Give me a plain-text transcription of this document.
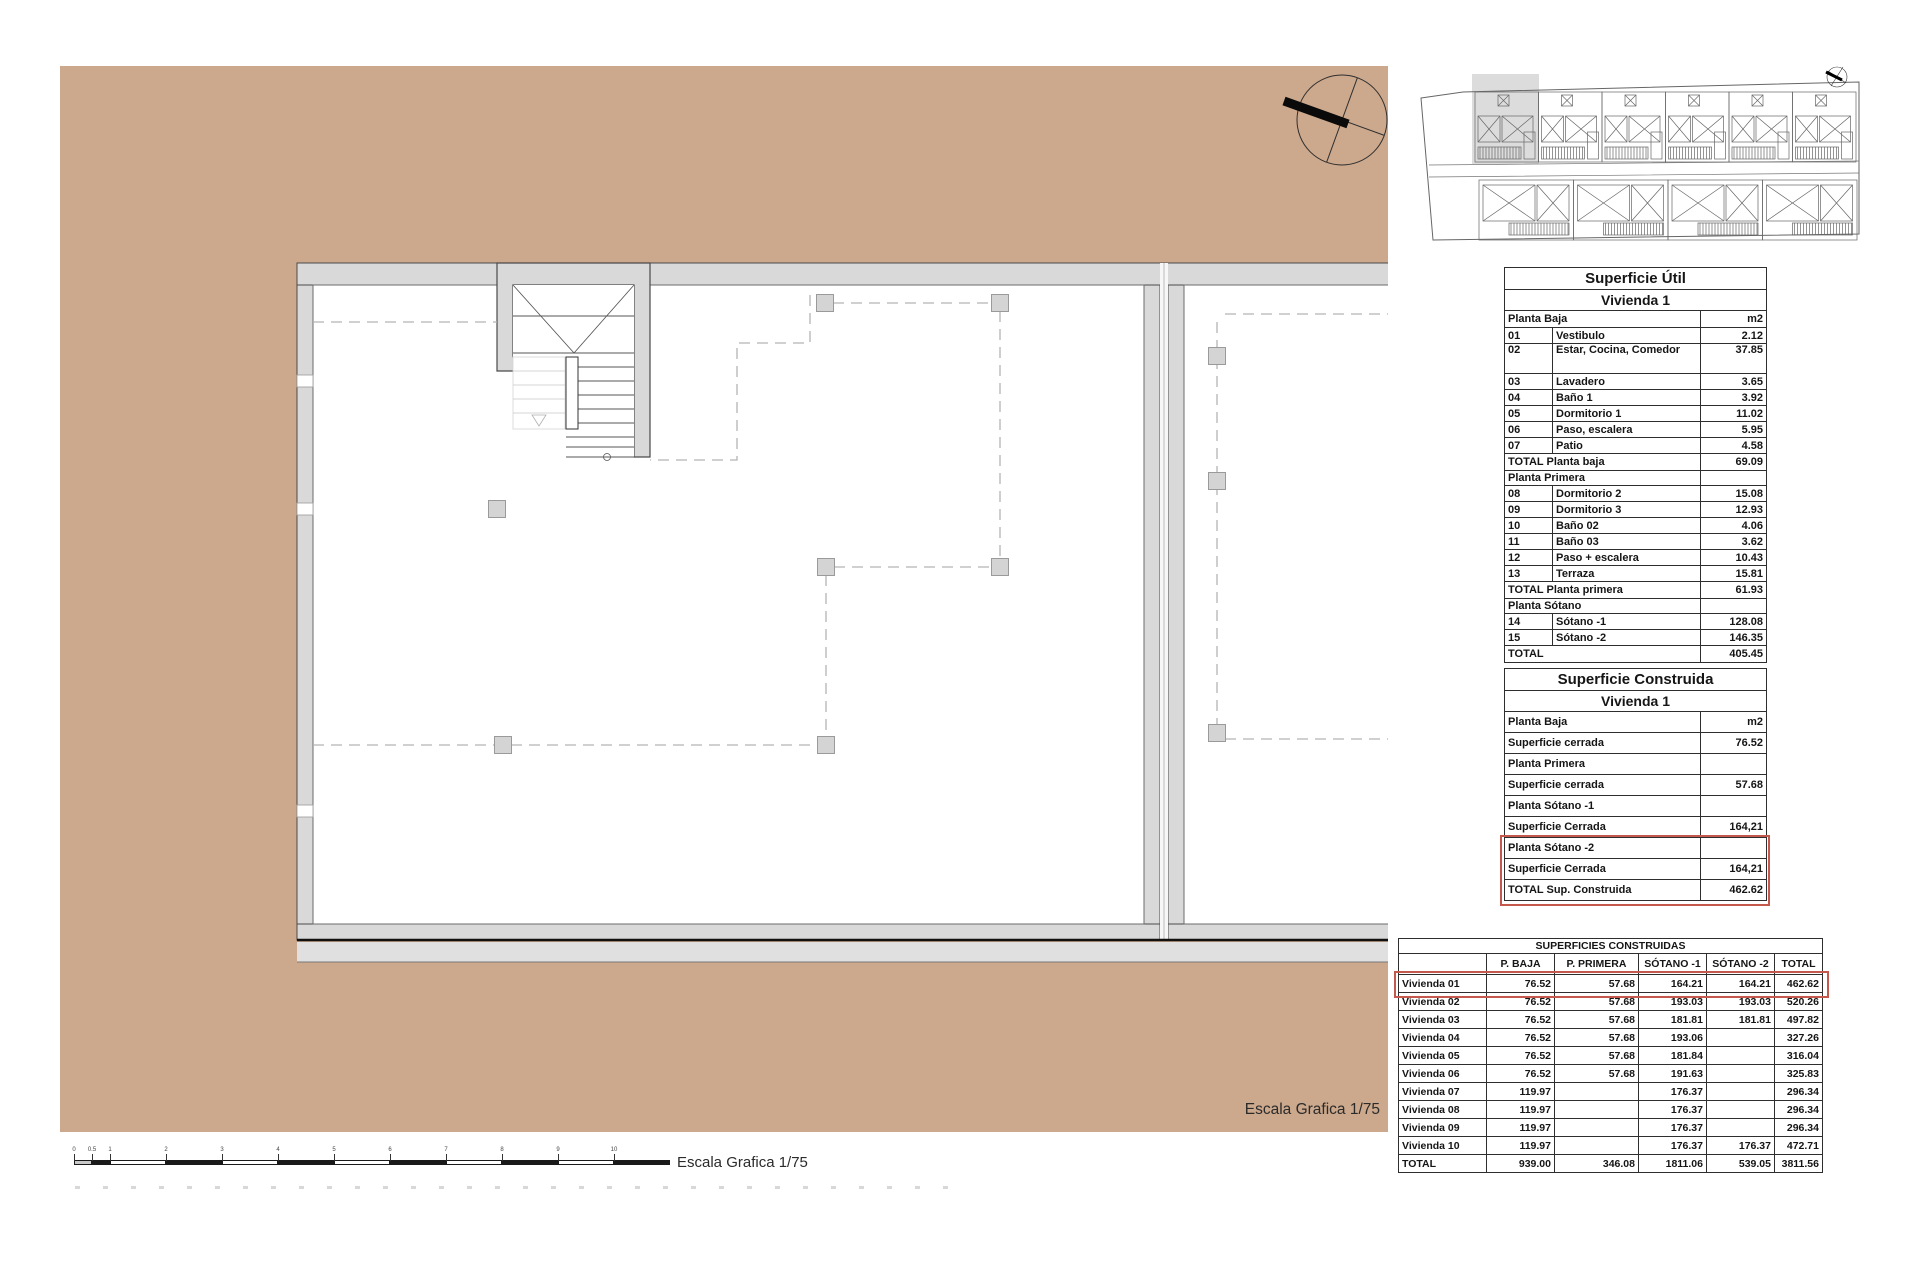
Escala Grafica 1/75
Superficie Útil		
Vivienda 1		
Planta Baja		m2
01	Vestibulo	2.12
02	Estar, Cocina, Comedor	37.85
03	Lavadero	3.65
04	Baño 1	3.92
05	Dormitorio 1	11.02
06	Paso, escalera	5.95
07	Patio	4.58
TOTAL Planta baja		69.09
Planta Primera		
08	Dormitorio 2	15.08
09	Dormitorio 3	12.93
10	Baño 02	4.06
11	Baño 03	3.62
12	Paso + escalera	10.43
13	Terraza	15.81
TOTAL Planta primera		61.93
Planta Sótano		
14	Sótano -1	128.08
15	Sótano -2	146.35
TOTAL		405.45
Superficie Construida	
Vivienda 1	
Planta Baja	m2
Superficie cerrada	76.52
Planta Primera	
Superficie cerrada	57.68
Planta Sótano -1	
Superficie Cerrada	164,21
Planta Sótano -2	
Superficie Cerrada	164,21
TOTAL Sup. Construida	462.62
SUPERFICIES CONSTRUIDAS					
	P. BAJA	P. PRIMERA	SÓTANO -1	SÓTANO -2	TOTAL
Vivienda 01	76.52	57.68	164.21	164.21	462.62
Vivienda 02	76.52	57.68	193.03	193.03	520.26
Vivienda 03	76.52	57.68	181.81	181.81	497.82
Vivienda 04	76.52	57.68	193.06		327.26
Vivienda 05	76.52	57.68	181.84		316.04
Vivienda 06	76.52	57.68	191.63		325.83
Vivienda 07	119.97		176.37		296.34
Vivienda 08	119.97		176.37		296.34
Vivienda 09	119.97		176.37		296.34
Vivienda 10	119.97		176.37	176.37	472.71
TOTAL	939.00	346.08	1811.06	539.05	3811.56
0	0.5	1	2	3	4	5	6	7	8	9	10
Escala Grafica 1/75
